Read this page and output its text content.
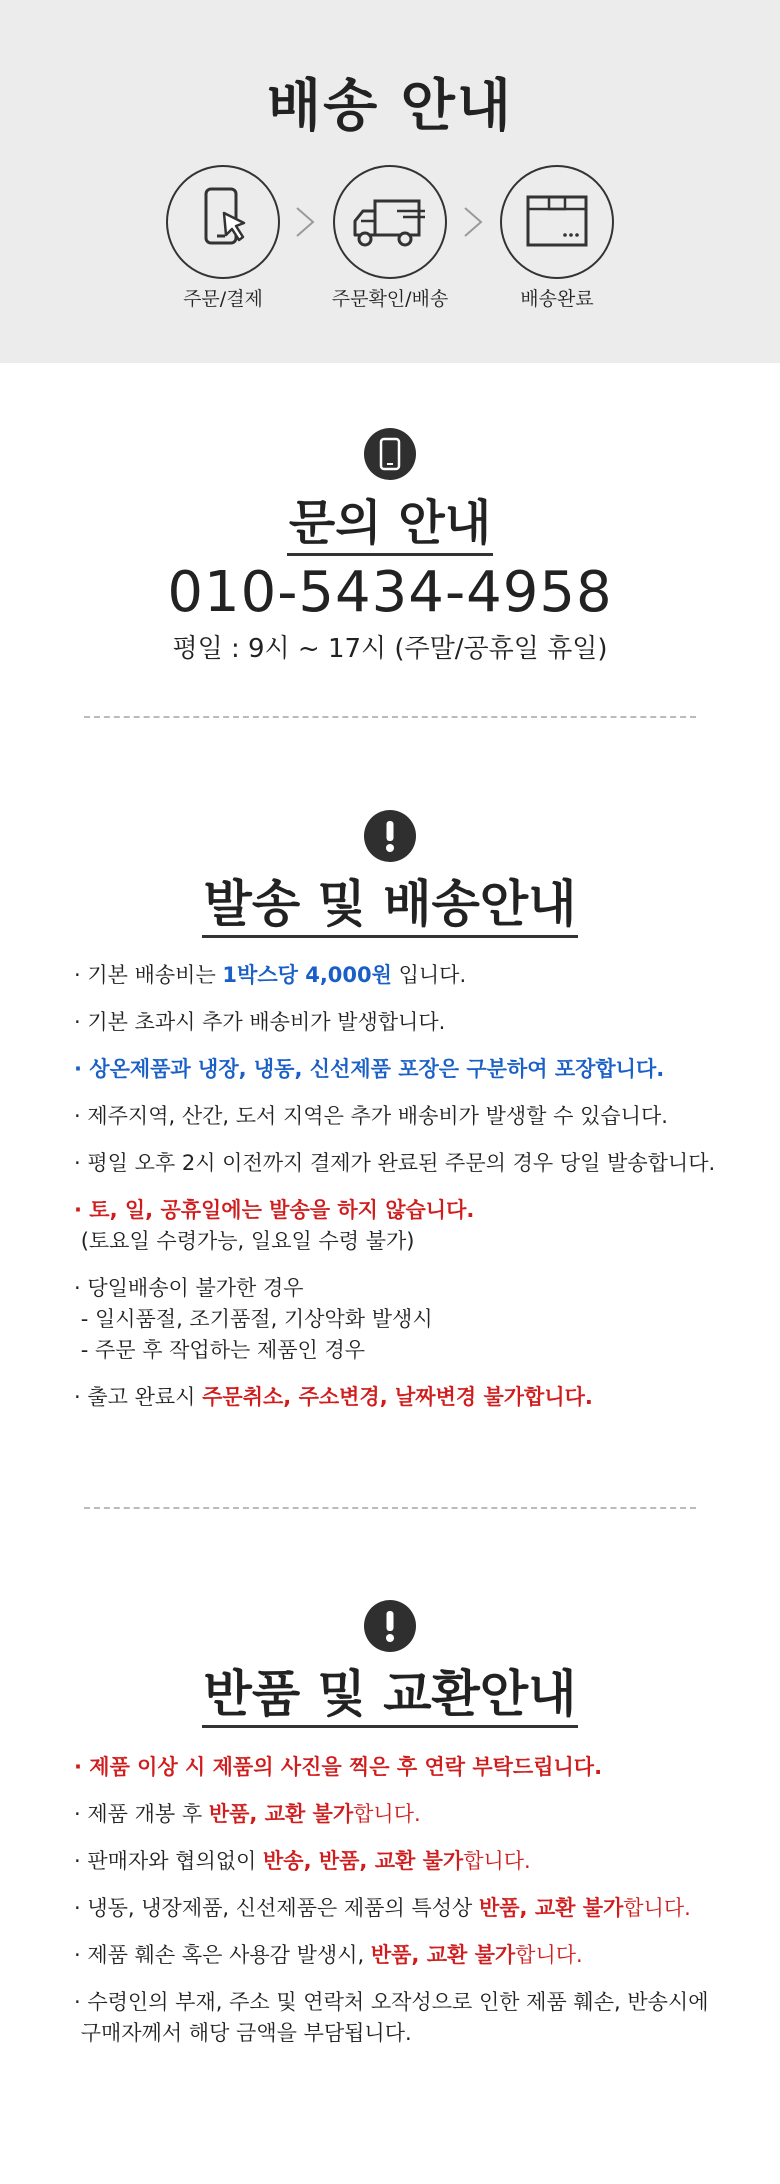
배송 안내
주문/결제	주문확인/배송	배송완료
문의 안내
010-5434-4958
평일 : 9시 ~ 17시 (주말/공휴일 휴일)
발송 및 배송안내
· 기본 배송비는 1박스당 4,000원 입니다.
· 기본 초과시 추가 배송비가 발생합니다.
· 상온제품과 냉장, 냉동, 신선제품 포장은 구분하여 포장합니다.
· 제주지역, 산간, 도서 지역은 추가 배송비가 발생할 수 있습니다.
· 평일 오후 2시 이전까지 결제가 완료된 주문의 경우 당일 발송합니다.
· 토, 일, 공휴일에는 발송을 하지 않습니다.
(토요일 수령가능, 일요일 수령 불가)
· 당일배송이 불가한 경우
- 일시품절, 조기품절, 기상악화 발생시
- 주문 후 작업하는 제품인 경우
· 출고 완료시 주문취소, 주소변경, 날짜변경 불가합니다.
반품 및 교환안내
· 제품 이상 시 제품의 사진을 찍은 후 연락 부탁드립니다.
· 제품 개봉 후 반품, 교환 불가합니다.
· 판매자와 협의없이 반송, 반품, 교환 불가합니다.
· 냉동, 냉장제품, 신선제품은 제품의 특성상 반품, 교환 불가합니다.
· 제품 훼손 혹은 사용감 발생시, 반품, 교환 불가합니다.
· 수령인의 부재, 주소 및 연락처 오작성으로 인한 제품 훼손, 반송시에
구매자께서 해당 금액을 부담됩니다.
